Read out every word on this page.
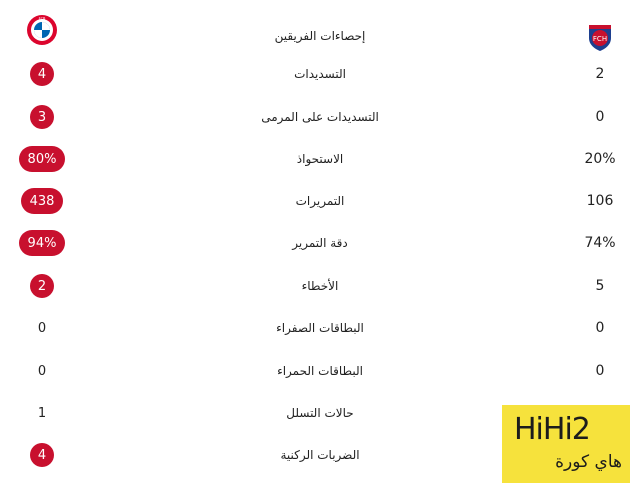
FCH
إحصاءات الفريقين
FCB
2
التسديدات
4
0
التسديدات على المرمى
3
20%
الاستحواذ
80%
106
التمريرات
438
74%
دقة التمرير
94%
5
الأخطاء
2
0
البطاقات الصفراء
0
0
البطاقات الحمراء
0
حالات التسلل
1
الضربات الركنية
4
HiHi2
هاي كورة
